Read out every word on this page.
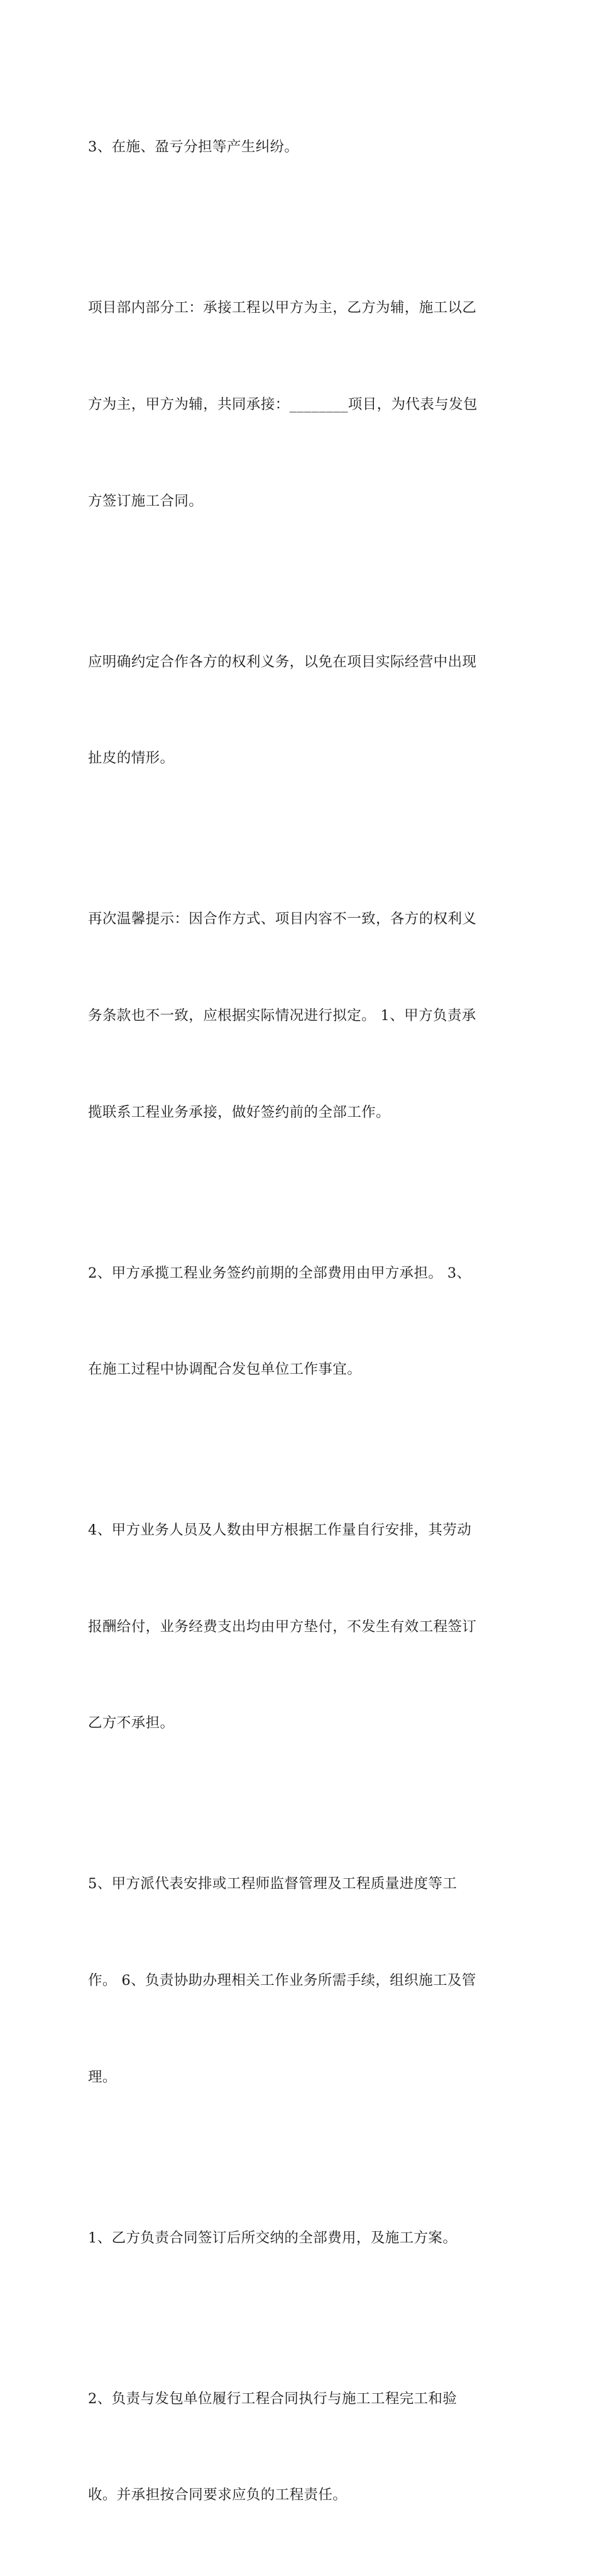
3、在施、盈亏分担等产生纠纷。

项目部内部分工：承接工程以甲方为主，乙方为辅，施工以乙

方为主，甲方为辅，共同承接：________项目，为代表与发包

方签订施工合同。

应明确约定合作各方的权利义务，以免在项目实际经营中出现

扯皮的情形。

再次温馨提示：因合作方式、项目内容不一致，各方的权利义

务条款也不一致，应根据实际情况进行拟定。 1、甲方负责承

揽联系工程业务承接，做好签约前的全部工作。

2、甲方承揽工程业务签约前期的全部费用由甲方承担。 3、

在施工过程中协调配合发包单位工作事宜。

4、甲方业务人员及人数由甲方根据工作量自行安排，其劳动

报酬给付，业务经费支出均由甲方垫付，不发生有效工程签订

乙方不承担。

5、甲方派代表安排或工程师监督管理及工程质量进度等工

作。 6、负责协助办理相关工作业务所需手续，组织施工及管

理。

1、乙方负责合同签订后所交纳的全部费用，及施工方案。

2、负责与发包单位履行工程合同执行与施工工程完工和验

收。并承担按合同要求应负的工程责任。
